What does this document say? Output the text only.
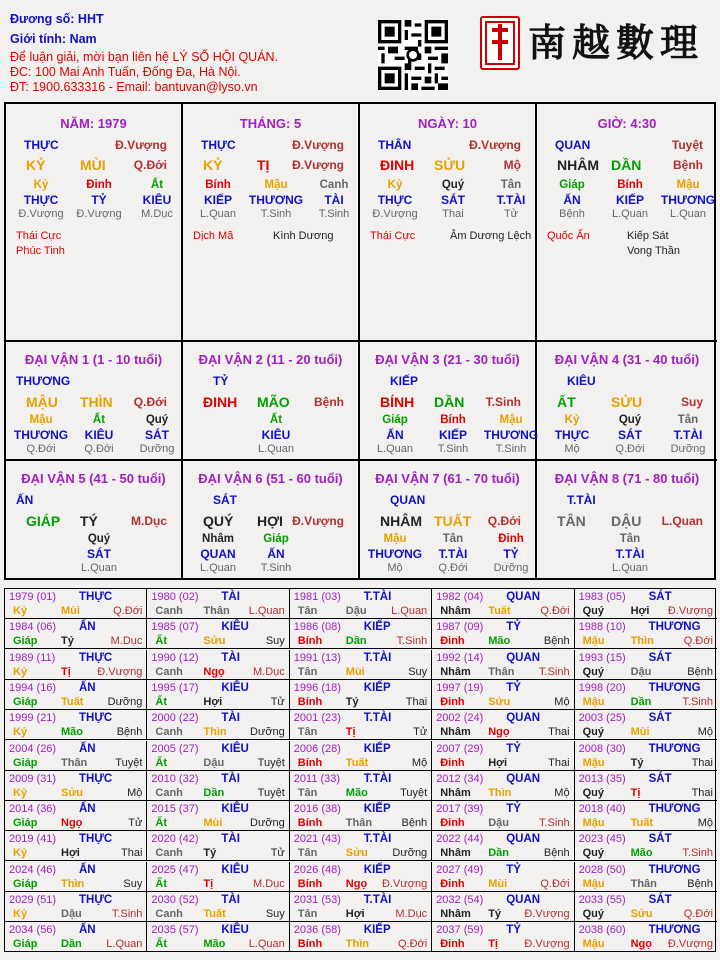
Đương số: HHT
Giới tính: Nam
Để luận giải, mời bạn liên hệ LÝ SỐ HỘI QUÁN.
ĐC: 100 Mai Anh Tuấn, Đống Đa, Hà Nội.
ĐT: 1900.633316 - Email: bantuvan@lyso.vn
南越數理
NĂM: 1979
THỰC	Đ.Vượng
KỶ MÙI Q.Đới
Kỷ
THỰC
Đ.Vượng
Đinh
TỶ
Đ.Vượng
Ất
KIÊU
M.Dục
Thái Cực
Phúc Tinh
THÁNG: 5
THỰC	Đ.Vượng
KỶ TỊ Đ.Vượng
Bính
KIẾP
L.Quan
Mậu
THƯƠNG
T.Sinh
Canh
TÀI
T.Sinh
Dịch Mã	Kình Dương
NGÀY: 10
THÂN	Đ.Vượng
ĐINH SỬU	Mộ
Kỷ
THỰC
Đ.Vượng
Quý
SÁT
Thai
Tân
T.TÀI
Tử
Thái Cực	Âm Dương Lệch
GIỜ: 4:30
QUAN	Tuyệt
NHÂM DẦN	Bệnh
Giáp
ẤN
Bệnh
Bính
KIẾP
L.Quan
Mậu
THƯƠNG
L.Quan
Quốc Ấn	Kiếp Sát
Vong Thần
ĐẠI VẬN 1 (1 - 10 tuổi)
THƯƠNG
MẬU THÌN Q.Đới
Mậu
THƯƠNG
Q.Đới
Ất
KIÊU
Q.Đới
Quý
SÁT
Dưỡng
ĐẠI VẬN 2 (11 - 20 tuổi)
TỶ
ĐINH MÃO Bệnh
Ất
KIÊU
L.Quan
ĐẠI VẬN 3 (21 - 30 tuổi)
KIẾP
BÍNH DẦN T.Sinh
Giáp
ẤN
L.Quan
Bính
KIẾP
T.Sinh
Mậu
THƯƠNG
T.Sinh
ĐẠI VẬN 4 (31 - 40 tuổi)
KIÊU
ẤT	SỬU	Suy
Kỷ
THỰC
Mộ
Quý
SÁT
Q.Đới
Tân
T.TÀI
Dưỡng
ĐẠI VẬN 5 (41 - 50 tuổi)
ẤN
GIÁP TÝ	M.Dục
Quý
SÁT
L.Quan
ĐẠI VẬN 6 (51 - 60 tuổi)
SÁT
QUÝ HỢI Đ.Vượng
Nhâm
QUAN
L.Quan
Giáp
ẤN
T.Sinh
ĐẠI VẬN 7 (61 - 70 tuổi)
QUAN
NHÂM TUẤT Q.Đới
Mậu
THƯƠNG
Mộ
Tân
T.TÀI
Q.Đới
Đinh
TỶ
Dưỡng
ĐẠI VẬN 8 (71 - 80 tuổi)
T.TÀI
TÂN DẬU L.Quan
Tân
T.TÀI
L.Quan
1979 (01) THỰC
Kỷ	Mùi	Q.Đới
1980 (02) TÀI
Canh Thân L.Quan
1981 (03) T.TÀI
Tân	Dậu L.Quan
1982 (04) QUAN
Nhâm Tuất	Q.Đới
1983 (05) SÁT
Quý Hợi Đ.Vượng
1984 (06) ẤN
Giáp Tý	M.Dục
1985 (07) KIÊU
Ất	Sửu	Suy
1986 (08) KIẾP
Bính Dần	T.Sinh
1987 (09) TỶ
Đinh Mão	Bệnh
1988 (10) THƯƠNG
Mậu Thìn	Q.Đới
1989 (11) THỰC
Kỷ	Tị Đ.Vượng
1990 (12) TÀI
Canh Ngọ	M.Dục
1991 (13) T.TÀI
Tân	Mùi	Suy
1992 (14) QUAN
Nhâm Thân T.Sinh
1993 (15) SÁT
Quý Dậu	Bệnh
1994 (16) ẤN
Giáp Tuất Dưỡng
1995 (17) KIÊU
Ất	Hợi	Tử
1996 (18) KIẾP
Bính Tý	Thai
1997 (19) TỶ
Đinh Sửu	Mộ
1998 (20) THƯƠNG
Mậu Dần	T.Sinh
1999 (21) THỰC
Kỷ	Mão	Bệnh
2000 (22) TÀI
Canh Thìn Dưỡng
2001 (23) T.TÀI
Tân	Tị	Tử
2002 (24) QUAN
Nhâm Ngọ	Thai
2003 (25) SÁT
Quý Mùi	Mộ
2004 (26) ẤN
Giáp Thân	Tuyệt
2005 (27) KIÊU
Ất	Dậu	Tuyệt
2006 (28) KIẾP
Bính Tuất	Mộ
2007 (29) TỶ
Đinh Hợi	Thai
2008 (30) THƯƠNG
Mậu Tý	Thai
2009 (31) THỰC
Kỷ	Sửu	Mộ
2010 (32) TÀI
Canh Dần	Tuyệt
2011 (33) T.TÀI
Tân	Mão	Tuyệt
2012 (34) QUAN
Nhâm Thìn	Mộ
2013 (35) SÁT
Quý Tị	Thai
2014 (36) ẤN
Giáp Ngọ	Tử
2015 (37) KIÊU
Ất	Mùi	Dưỡng
2016 (38) KIẾP
Bính Thân	Bệnh
2017 (39) TỶ
Đinh Dậu	T.Sinh
2018 (40) THƯƠNG
Mậu Tuất	Mộ
2019 (41) THỰC
Kỷ	Hợi	Thai
2020 (42) TÀI
Canh Tý	Tử
2021 (43) T.TÀI
Tân	Sửu Dưỡng
2022 (44) QUAN
Nhâm Dần	Bệnh
2023 (45) SÁT
Quý Mão	T.Sinh
2024 (46) ẤN
Giáp Thìn	Suy
2025 (47) KIÊU
Ất	Tị	M.Dục
2026 (48) KIẾP
Bính Ngọ Đ.Vượng
2027 (49) TỶ
Đinh Mùi	Q.Đới
2028 (50) THƯƠNG
Mậu Thân	Bệnh
2029 (51) THỰC
Kỷ	Dậu	T.Sinh
2030 (52) TÀI
Canh Tuất	Suy
2031 (53) T.TÀI
Tân	Hợi	M.Dục
2032 (54) QUAN
Nhâm Tý Đ.Vượng
2033 (55) SÁT
Quý Sửu	Q.Đới
2034 (56) ẤN
Giáp Dần L.Quan
2035 (57) KIÊU
Ất	Mão L.Quan
2036 (58) KIẾP
Bính Thìn	Q.Đới
2037 (59) TỶ
Đinh Tị Đ.Vượng
2038 (60) THƯƠNG
Mậu Ngọ Đ.Vượng
